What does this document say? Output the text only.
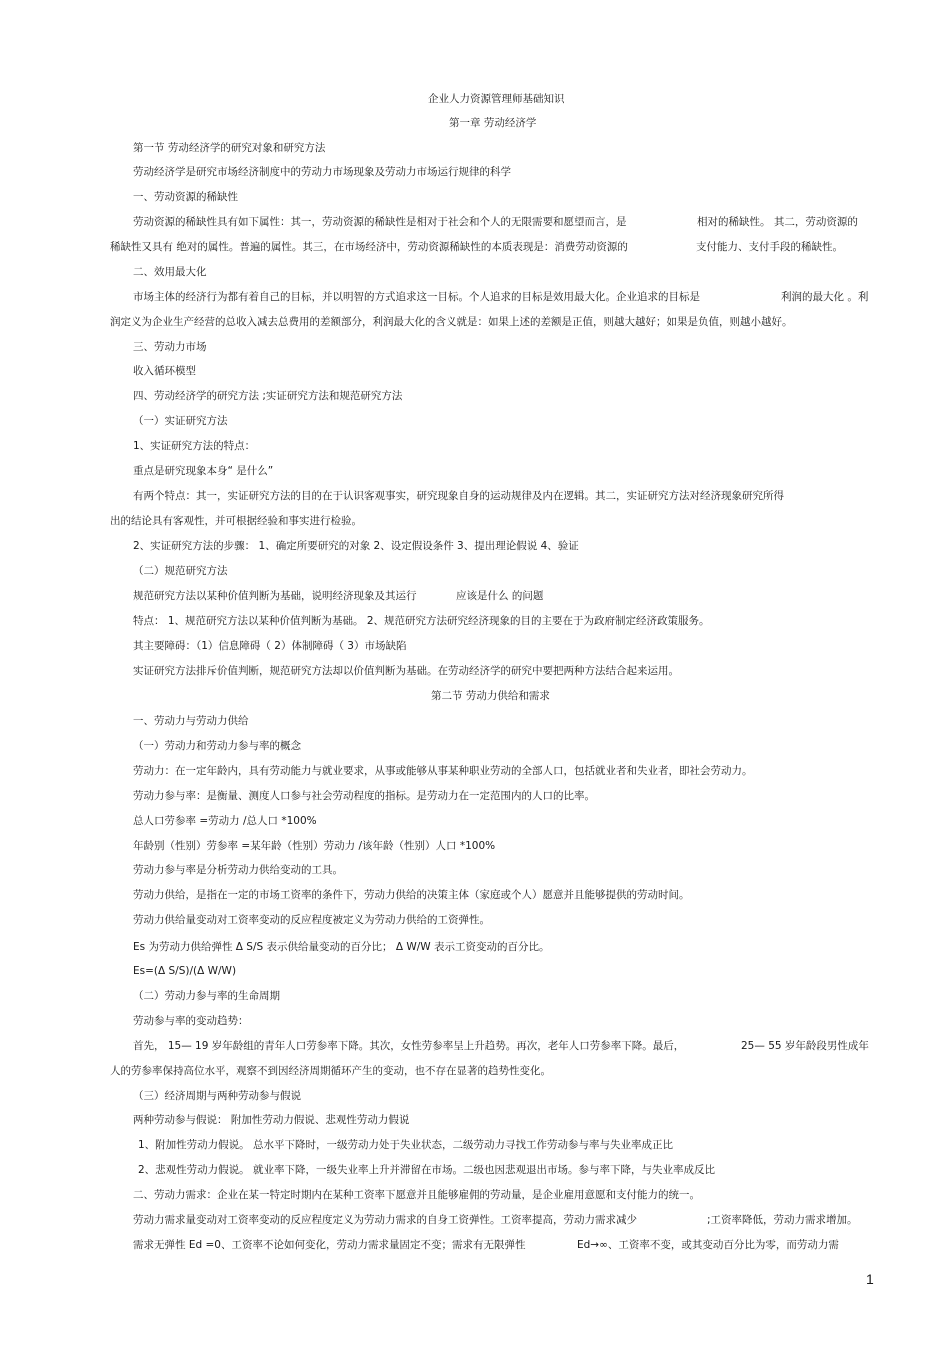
企业人力资源管理师基础知识
第一章 劳动经济学
第一节 劳动经济学的研究对象和研究方法
劳动经济学是研究市场经济制度中的劳动力市场现象及劳动力市场运行规律的科学
一、劳动资源的稀缺性
劳动资源的稀缺性具有如下属性：其一，劳动资源的稀缺性是相对于社会和个人的无限需要和愿望而言，是	相对的稀缺性。 其二，劳动资源的
稀缺性又具有 绝对的属性。普遍的属性。其三，在市场经济中，劳动资源稀缺性的本质表现是：消费劳动资源的	支付能力、支付手段的稀缺性。
二、效用最大化
市场主体的经济行为都有着自己的目标，并以明智的方式追求这一目标。个人追求的目标是效用最大化。企业追求的目标是	利润的最大化 。利
润定义为企业生产经营的总收入减去总费用的差额部分，利润最大化的含义就是：如果上述的差额是正值，则越大越好；如果是负值，则越小越好。
三、劳动力市场
收入循环模型
四、劳动经济学的研究方法 ;实证研究方法和规范研究方法
（一）实证研究方法
1、实证研究方法的特点：
重点是研究现象本身“ 是什么”
有两个特点：其一，实证研究方法的目的在于认识客观事实，研究现象自身的运动规律及内在逻辑。其二，实证研究方法对经济现象研究所得
出的结论具有客观性，并可根据经验和事实进行检验。
2、实证研究方法的步骤： 1、确定所要研究的对象 2、设定假设条件 3、提出理论假说 4、验证
（二）规范研究方法
规范研究方法以某种价值判断为基础，说明经济现象及其运行	应该是什么 的问题
特点： 1、规范研究方法以某种价值判断为基础。 2、规范研究方法研究经济现象的目的主要在于为政府制定经济政策服务。
其主要障碍：（1）信息障碍（ 2）体制障碍（ 3）市场缺陷
实证研究方法排斥价值判断，规范研究方法却以价值判断为基础。在劳动经济学的研究中要把两种方法结合起来运用。
第二节 劳动力供给和需求
一、劳动力与劳动力供给
（一）劳动力和劳动力参与率的概念
劳动力：在一定年龄内，具有劳动能力与就业要求，从事或能够从事某种职业劳动的全部人口，包括就业者和失业者，即社会劳动力。
劳动力参与率：是衡量、测度人口参与社会劳动程度的指标。是劳动力在一定范围内的人口的比率。
总人口劳参率 =劳动力 /总人口 *100%
年龄别（性别）劳参率 =某年龄（性别）劳动力 /该年龄（性别）人口 *100%
劳动力参与率是分析劳动力供给变动的工具。
劳动力供给，是指在一定的市场工资率的条件下，劳动力供给的决策主体（家庭或个人）愿意并且能够提供的劳动时间。
劳动力供给量变动对工资率变动的反应程度被定义为劳动力供给的工资弹性。
Es 为劳动力供给弹性 Δ S/S 表示供给量变动的百分比； Δ W/W 表示工资变动的百分比。
Es=(Δ S/S)/(Δ W/W)
（二）劳动力参与率的生命周期
劳动参与率的变动趋势：
首先， 15— 19 岁年龄组的青年人口劳参率下降。其次，女性劳参率呈上升趋势。再次，老年人口劳参率下降。最后，	25— 55 岁年龄段男性成年
人的劳参率保持高位水平，观察不到因经济周期循环产生的变动，也不存在显著的趋势性变化。
（三）经济周期与两种劳动参与假说
两种劳动参与假说： 附加性劳动力假说、悲观性劳动力假说
1、附加性劳动力假说。 总水平下降时，一级劳动力处于失业状态，二级劳动力寻找工作劳动参与率与失业率成正比
2、悲观性劳动力假说。 就业率下降，一级失业率上升并滞留在市场。二级也因悲观退出市场。参与率下降，与失业率成反比
二、劳动力需求：企业在某一特定时期内在某种工资率下愿意并且能够雇佣的劳动量，是企业雇用意愿和支付能力的统一。
劳动力需求量变动对工资率变动的反应程度定义为劳动力需求的自身工资弹性。工资率提高，劳动力需求减少	;工资率降低，劳动力需求增加。
需求无弹性 Ed =0、工资率不论如何变化，劳动力需求量固定不变；需求有无限弹性	Ed→∞、工资率不变，或其变动百分比为零，而劳动力需
1
